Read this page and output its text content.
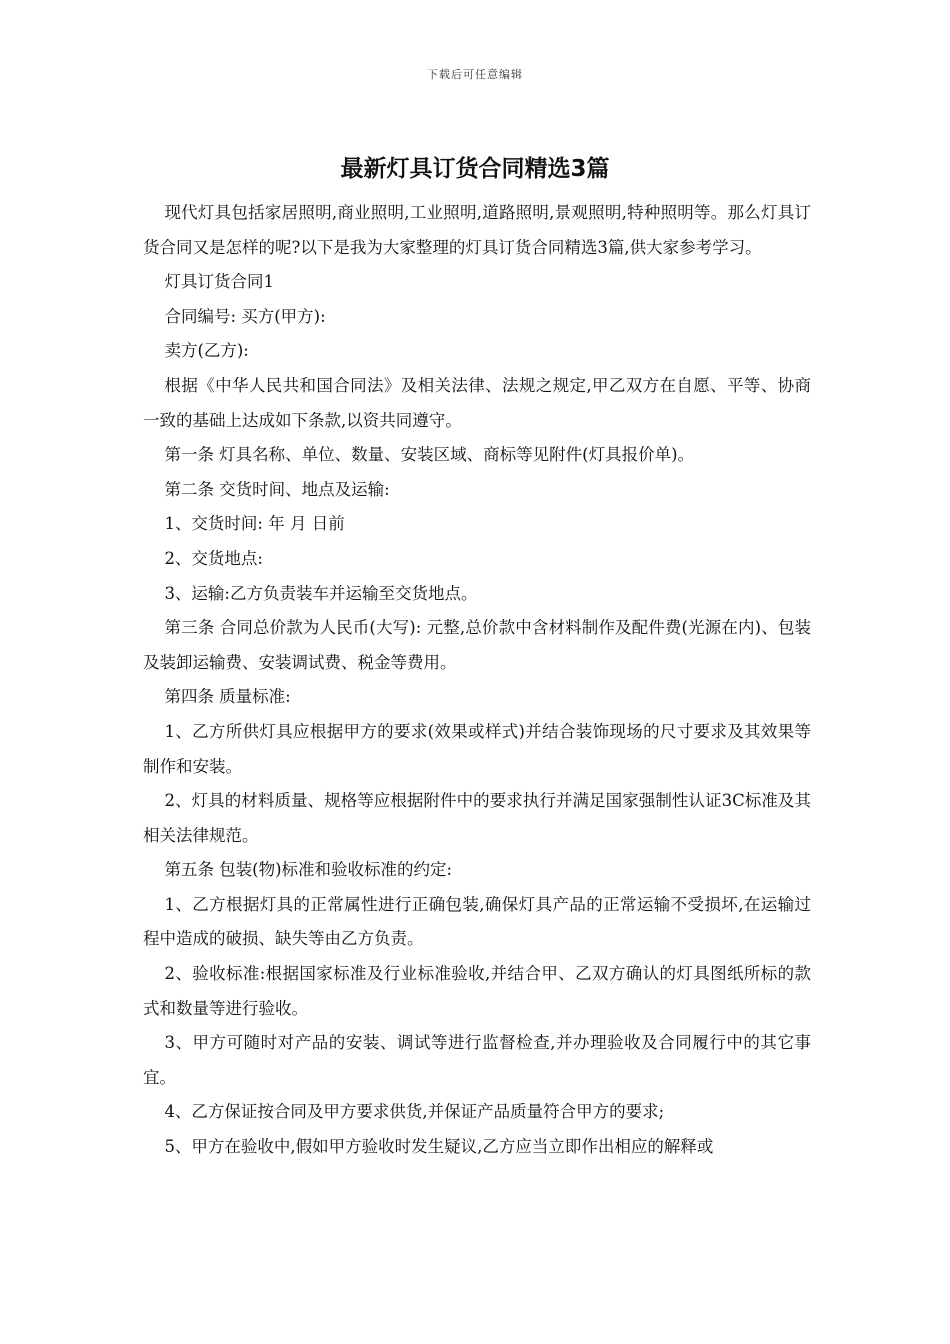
下载后可任意编辑
最新灯具订货合同精选3篇

现代灯具包括家居照明,商业照明,工业照明,道路照明,景观照明,特种照明等。那么灯具订货合同又是怎样的呢?以下是我为大家整理的灯具订货合同精选3篇,供大家参考学习。

灯具订货合同1

合同编号: 买方(甲方):

卖方(乙方):

根据《中华人民共和国合同法》及相关法律、法规之规定,甲乙双方在自愿、平等、协商一致的基础上达成如下条款,以资共同遵守。

第一条 灯具名称、单位、数量、安装区域、商标等见附件(灯具报价单)。

第二条 交货时间、地点及运输:

1、交货时间: 年 月 日前

2、交货地点:

3、运输:乙方负责装车并运输至交货地点。

第三条 合同总价款为人民币(大写): 元整,总价款中含材料制作及配件费(光源在内)、包装及装卸运输费、安装调试费、税金等费用。

第四条 质量标准:

1、乙方所供灯具应根据甲方的要求(效果或样式)并结合装饰现场的尺寸要求及其效果等制作和安装。

2、灯具的材料质量、规格等应根据附件中的要求执行并满足国家强制性认证3C标准及其相关法律规范。

第五条 包装(物)标准和验收标准的约定:

1、乙方根据灯具的正常属性进行正确包装,确保灯具产品的正常运输不受损坏,在运输过程中造成的破损、缺失等由乙方负责。

2、验收标准:根据国家标准及行业标准验收,并结合甲、乙双方确认的灯具图纸所标的款式和数量等进行验收。

3、甲方可随时对产品的安装、调试等进行监督检查,并办理验收及合同履行中的其它事宜。

4、乙方保证按合同及甲方要求供货,并保证产品质量符合甲方的要求;

5、甲方在验收中,假如甲方验收时发生疑议,乙方应当立即作出相应的解释或
